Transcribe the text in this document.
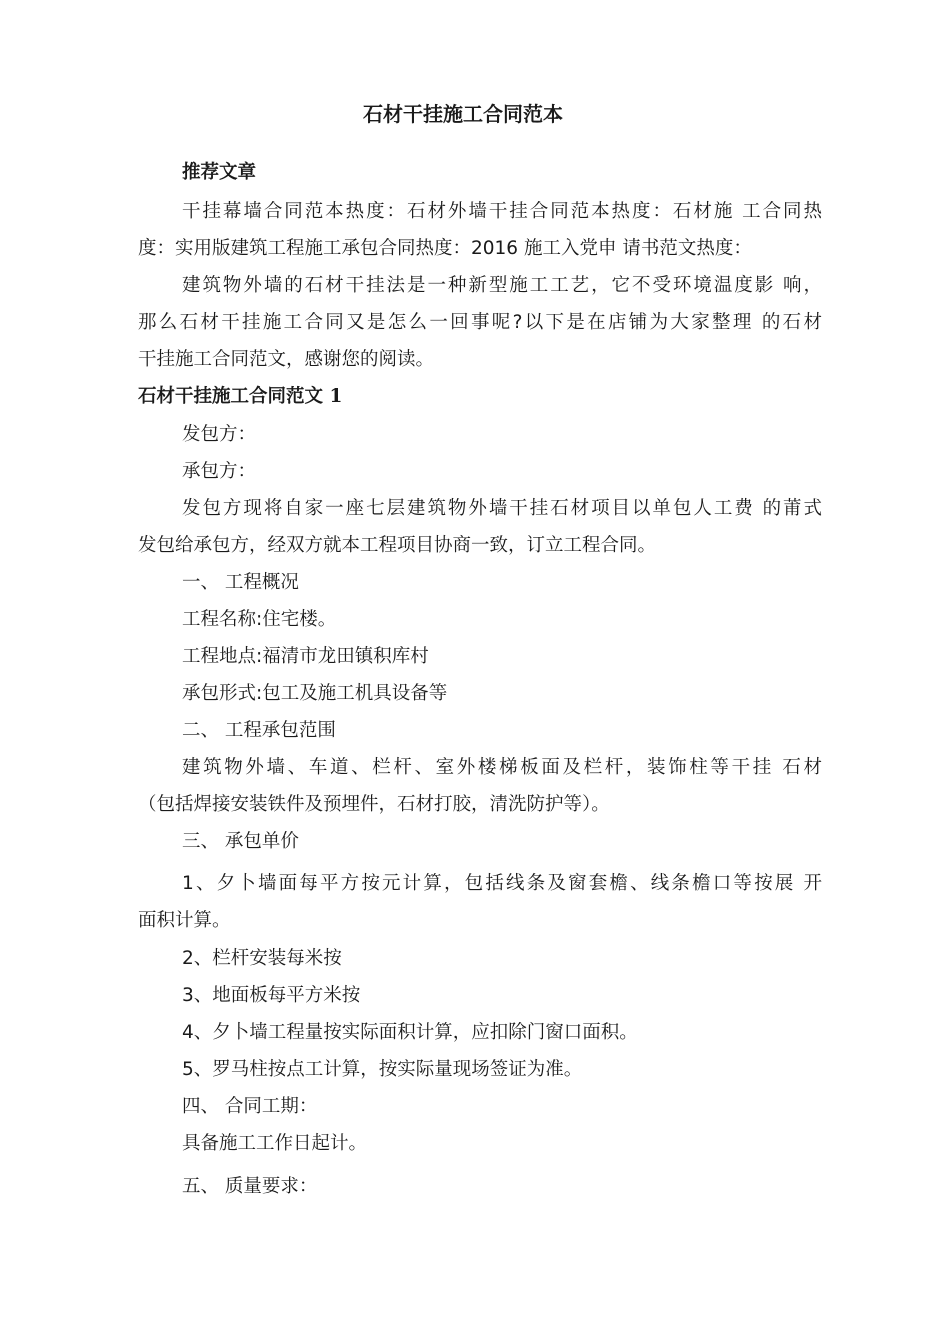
石材干挂施工合同范本
推荐文章
干挂幕墙合同范本热度：石材外墙干挂合同范本热度：石材施 工合同热
度：实用版建筑工程施工承包合同热度：2016 施工入党申 请书范文热度：
建筑物外墙的石材干挂法是一种新型施工工艺，它不受环境温度影 响，
那么石材干挂施工合同又是怎么一回事呢?以下是在店铺为大家整理 的石材
干挂施工合同范文，感谢您的阅读。
石材干挂施工合同范文 1
发包方：
承包方：
发包方现将自家一座七层建筑物外墙干挂石材项目以单包人工费 的莆式
发包给承包方，经双方就本工程项目协商一致，订立工程合同。
一、 工程概况
工程名称:住宅楼。
工程地点:福清市龙田镇积库村
承包形式:包工及施工机具设备等
二、 工程承包范围
建筑物外墙、车道、栏杆、室外楼梯板面及栏杆，装饰柱等干挂 石材
（包括焊接安装铁件及预埋件，石材打胶，清洗防护等）。
三、 承包单价
1、夕卜墙面每平方按元计算，包括线条及窗套檐、线条檐口等按展 开
面积计算。
2、栏杆安装每米按
3、地面板每平方米按
4、夕卜墙工程量按实际面积计算，应扣除门窗口面积。
5、罗马柱按点工计算，按实际量现场签证为准。
四、 合同工期：
具备施工工作日起计。
五、 质量要求：
